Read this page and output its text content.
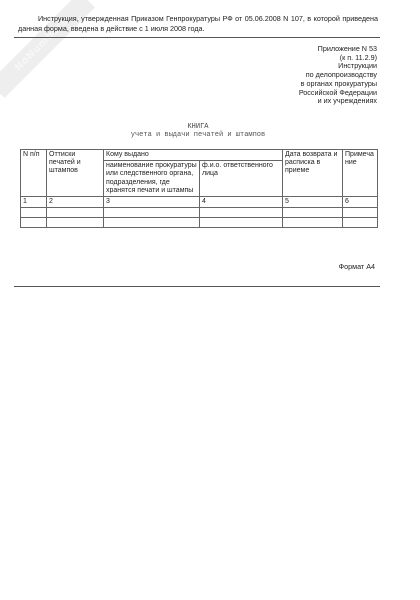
NoNumbers
Инструкция, утвержденная Приказом Генпрокуратуры РФ от 05.06.2008 N 107, в которой приведена данная форма, введена в действие с 1 июля 2008 года.
Приложение N 53
(к п. 11.2.9)
Инструкции
по делопроизводству
в органах прокуратуры
Российской Федерации
и их учреждениях
КНИГА
учета и выдачи печатей и штампов
N п/п	Оттиски печатей и штампов	Кому выдано		Дата возврата и расписка в приеме	Примечание
		наименование прокуратуры или следственного органа, подразделения, где хранятся печати и штампы	ф.и.о. ответственного лица		
1	2	3	4	5	6

Формат А4
